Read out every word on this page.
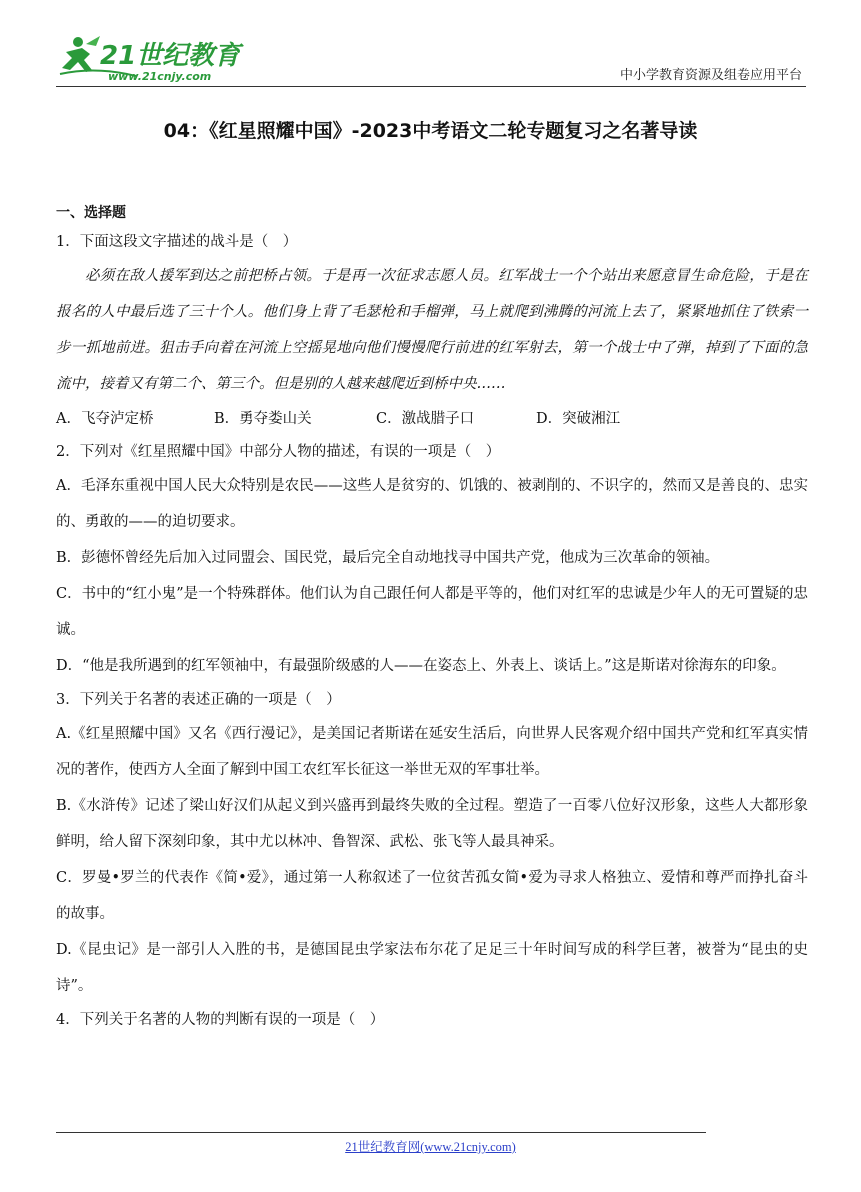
21世纪教育
www.21cnjy.com	中小学教育资源及组卷应用平台
04：《红星照耀中国》-2023中考语文二轮专题复习之名著导读

一、选择题

1．下面这段文字描述的战斗是（　）

必须在敌人援军到达之前把桥占领。于是再一次征求志愿人员。红军战士一个个站出来愿意冒生命危险，于是在报名的人中最后选了三十个人。他们身上背了毛瑟枪和手榴弹，马上就爬到沸腾的河流上去了，紧紧地抓住了铁索一步一抓地前进。狙击手向着在河流上空摇晃地向他们慢慢爬行前进的红军射去，第一个战士中了弹，掉到了下面的急流中，接着又有第二个、第三个。但是别的人越来越爬近到桥中央……

A．飞夺泸定桥	B．勇夺娄山关	C．激战腊子口	D．突破湘江

2．下列对《红星照耀中国》中部分人物的描述，有误的一项是（　）

A．毛泽东重视中国人民大众特别是农民——这些人是贫穷的、饥饿的、被剥削的、不识字的，然而又是善良的、忠实的、勇敢的——的迫切要求。

B．彭德怀曾经先后加入过同盟会、国民党，最后完全自动地找寻中国共产党，他成为三次革命的领袖。

C．书中的“红小鬼”是一个特殊群体。他们认为自己跟任何人都是平等的，他们对红军的忠诚是少年人的无可置疑的忠诚。

D．“他是我所遇到的红军领袖中，有最强阶级感的人——在姿态上、外表上、谈话上。”这是斯诺对徐海东的印象。

3．下列关于名著的表述正确的一项是（　）

A.《红星照耀中国》又名《西行漫记》，是美国记者斯诺在延安生活后，向世界人民客观介绍中国共产党和红军真实情况的著作，使西方人全面了解到中国工农红军长征这一举世无双的军事壮举。

B.《水浒传》记述了梁山好汉们从起义到兴盛再到最终失败的全过程。塑造了一百零八位好汉形象，这些人大都形象鲜明，给人留下深刻印象，其中尤以林冲、鲁智深、武松、张飞等人最具神采。

C．罗曼•罗兰的代表作《简•爱》，通过第一人称叙述了一位贫苦孤女简•爱为寻求人格独立、爱情和尊严而挣扎奋斗的故事。

D.《昆虫记》是一部引人入胜的书，是德国昆虫学家法布尔花了足足三十年时间写成的科学巨著，被誉为“昆虫的史诗”。

4．下列关于名著的人物的判断有误的一项是（　）

21世纪教育网(www.21cnjy.com)
